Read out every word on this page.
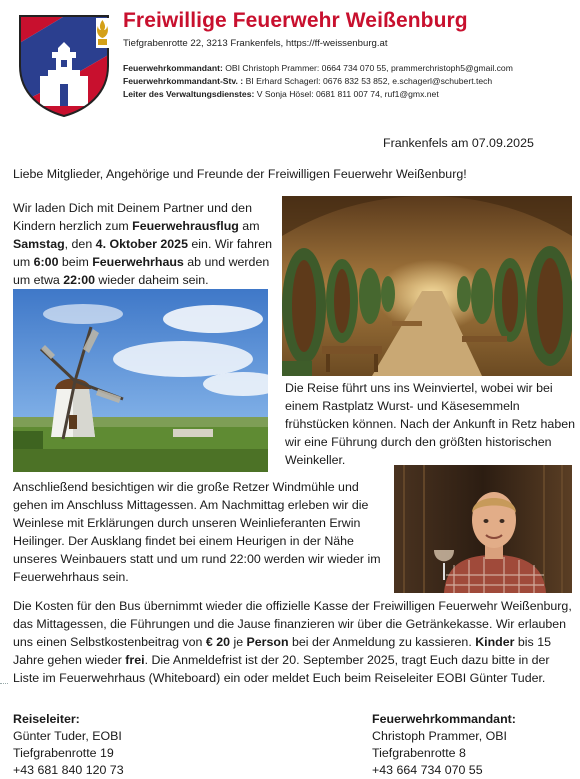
Freiwillige Feuerwehr Weißenburg
Tiefgrabenrotte 22, 3213 Frankenfels, https://ff-weissenburg.at
Feuerwehrkommandant: OBI Christoph Prammer: 0664 734 070 55, prammerchristoph5@gmail.com
Feuerwehrkommandant-Stv. : BI Erhard Schagerl: 0676 832 53 852, e.schagerl@schubert.tech
Leiter des Verwaltungsdienstes: V Sonja Hösel: 0681 811 007 74, ruf1@gmx.net
Frankenfels am 07.09.2025
Liebe Mitglieder, Angehörige und Freunde der Freiwilligen Feuerwehr Weißenburg!
Wir laden Dich mit Deinem Partner und den Kindern herzlich zum Feuerwehrausflug am Samstag, den 4. Oktober 2025 ein. Wir fahren um 6:00 beim Feuerwehrhaus ab und werden um etwa 22:00 wieder daheim sein.
Die Reise führt uns ins Weinviertel, wobei wir bei einem Rastplatz Wurst- und Käsesemmeln frühstücken können. Nach der Ankunft in Retz haben wir eine Führung durch den größten historischen Weinkeller.
Anschließend besichtigen wir die große Retzer Windmühle und gehen im Anschluss Mittagessen. Am Nachmittag erleben wir die Weinlese mit Erklärungen durch unseren Weinlieferanten Erwin Heilinger. Der Ausklang findet bei einem Heurigen in der Nähe unseres Weinbauers statt und um rund 22:00 werden wir wieder im Feuerwehrhaus sein.
Die Kosten für den Bus übernimmt wieder die offizielle Kasse der Freiwilligen Feuerwehr Weißenburg, das Mittagessen, die Führungen und die Jause finanzieren wir über die Getränkekasse. Wir erlauben uns einen Selbstkostenbeitrag von € 20 je Person bei der Anmeldung zu kassieren. Kinder bis 15 Jahre gehen wieder frei. Die Anmeldefrist ist der 20. September 2025, tragt Euch dazu bitte in der Liste im Feuerwehrhaus (Whiteboard) ein oder meldet Euch beim Reiseleiter EOBI Günter Tuder.
Reiseleiter:
Günter Tuder, EOBI
Tiefgrabenrotte 19
+43 681 840 120 73
Feuerwehrkommandant:
Christoph Prammer, OBI
Tiefgrabenrotte 8
+43 664 734 070 55
